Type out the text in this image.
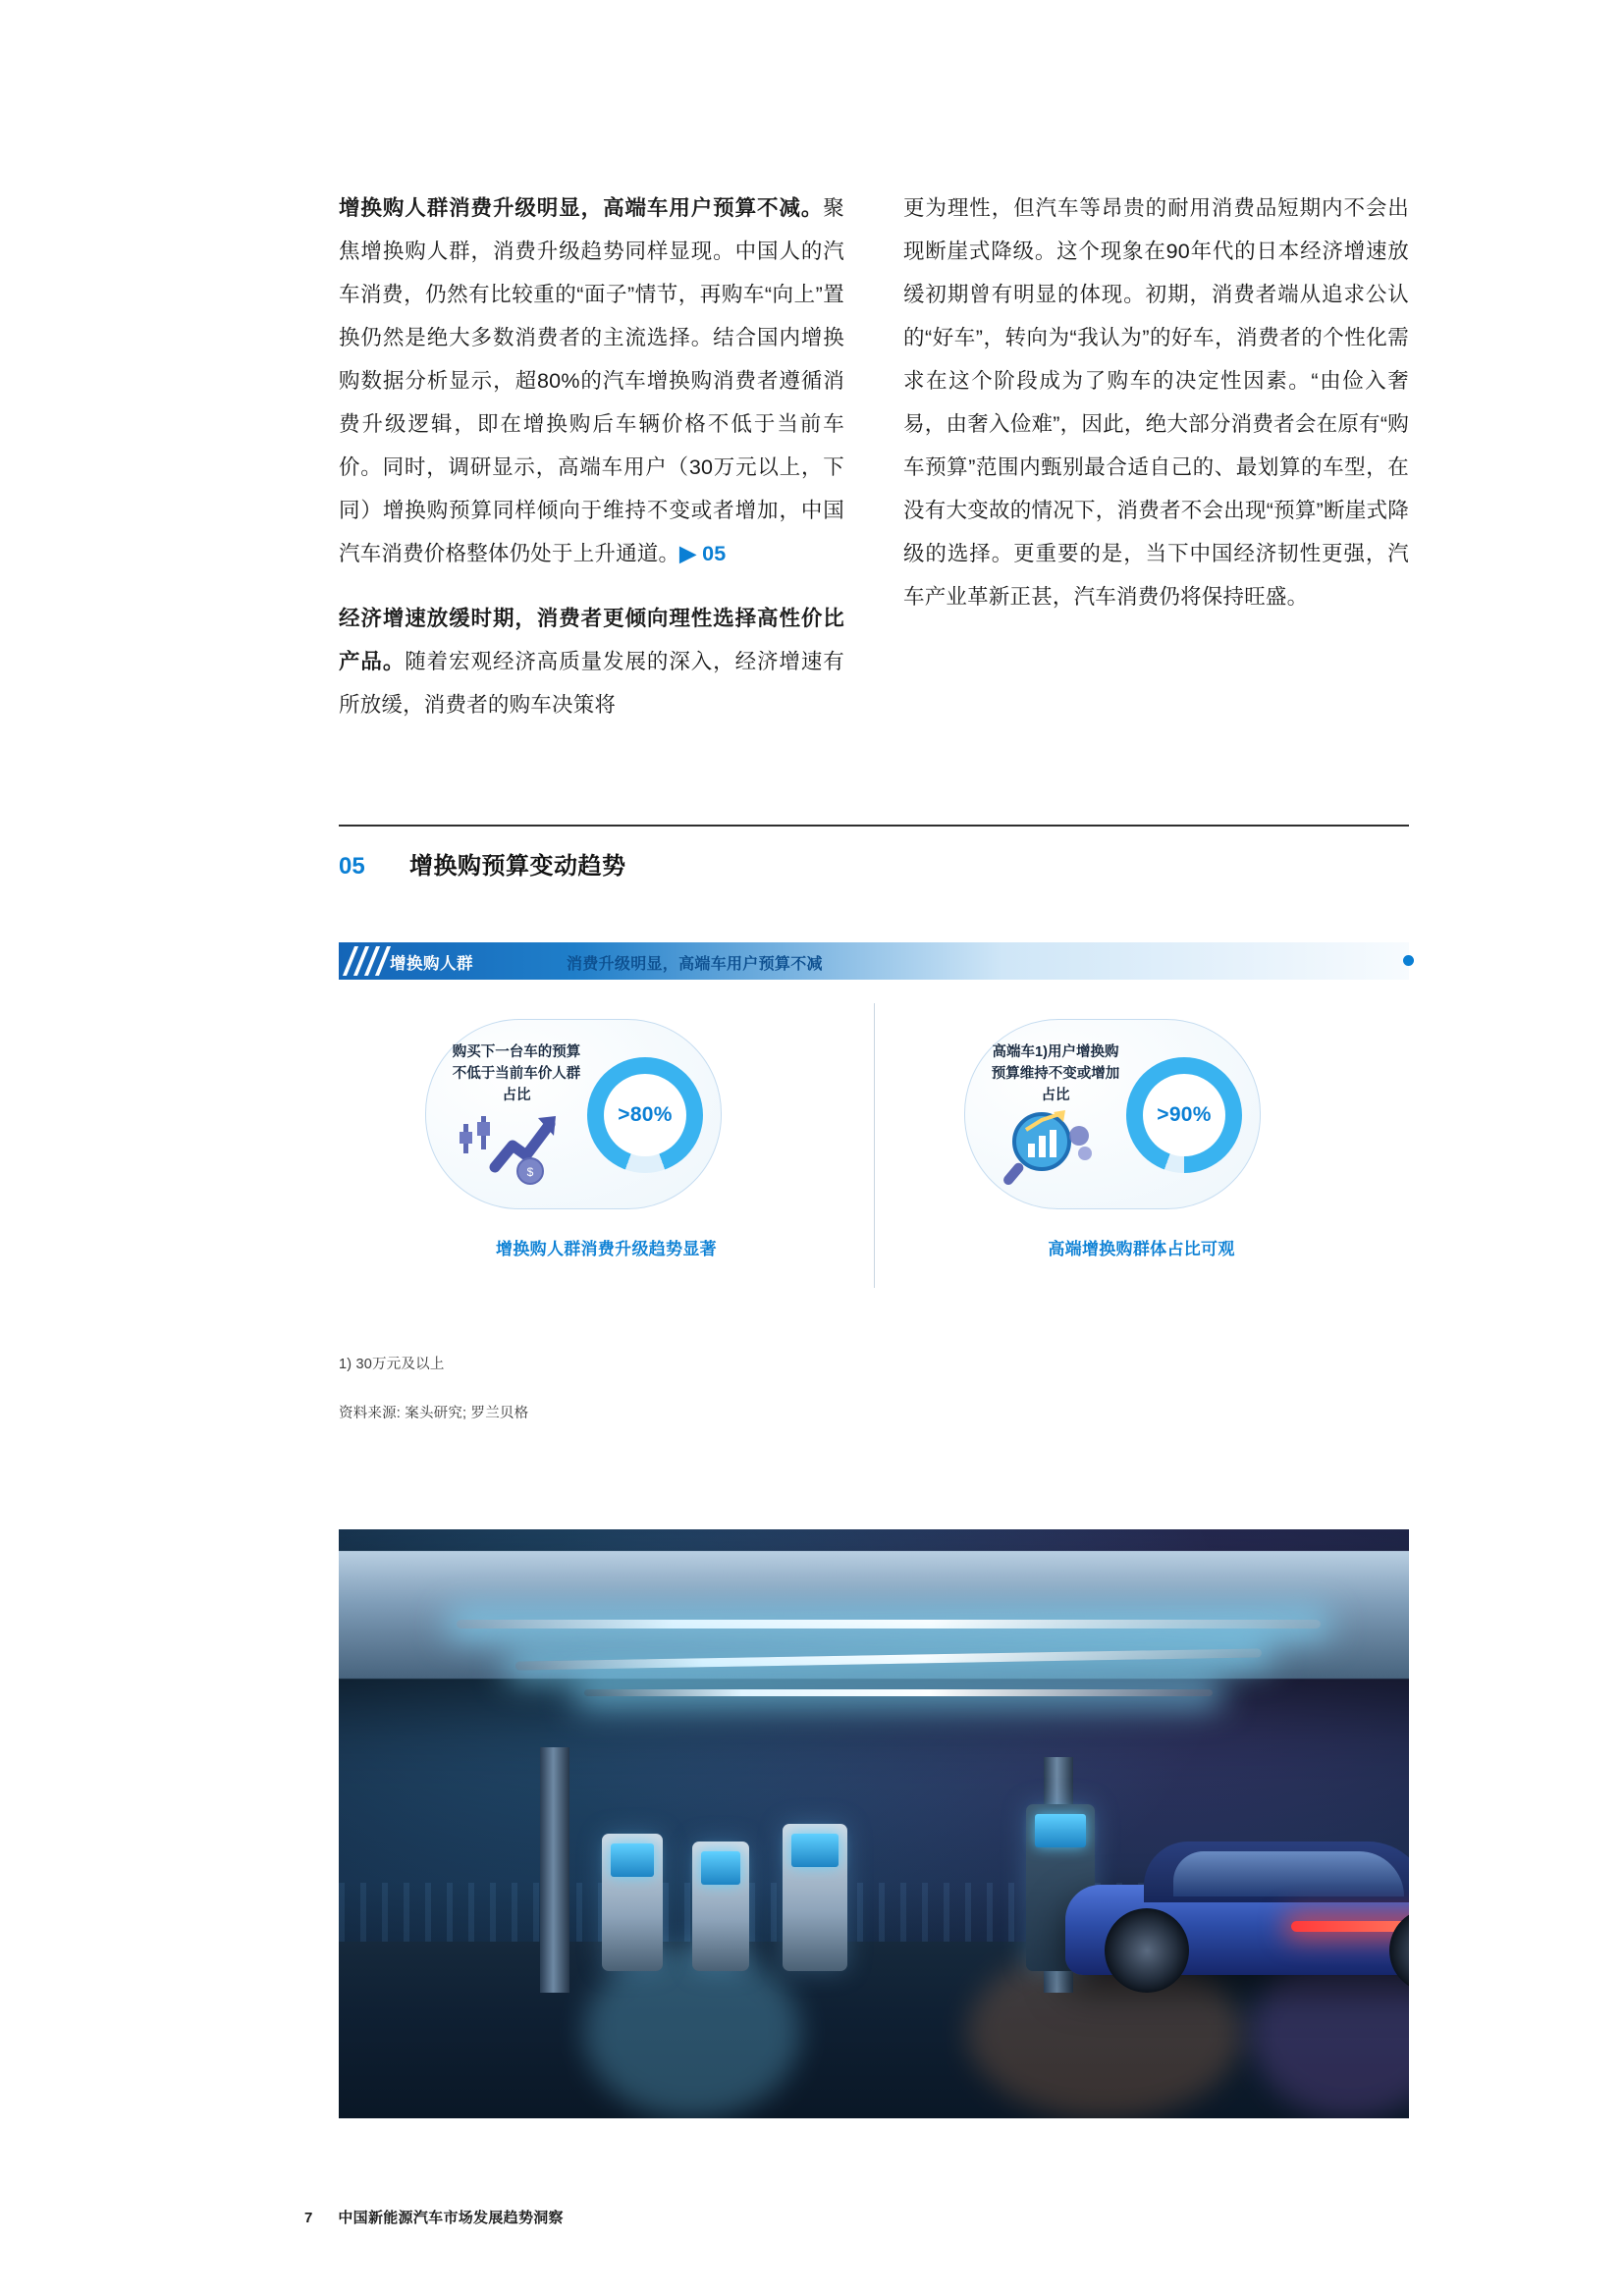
增换购人群消费升级明显，高端车用户预算不减。聚焦增换购人群，消费升级趋势同样显现。中国人的汽车消费，仍然有比较重的“面子”情节，再购车“向上”置换仍然是绝大多数消费者的主流选择。结合国内增换购数据分析显示，超80%的汽车增换购消费者遵循消费升级逻辑，即在增换购后车辆价格不低于当前车价。同时，调研显示，高端车用户（30万元以上，下同）增换购预算同样倾向于维持不变或者增加，中国汽车消费价格整体仍处于上升通道。▶ 05

经济增速放缓时期，消费者更倾向理性选择高性价比产品。随着宏观经济高质量发展的深入，经济增速有所放缓，消费者的购车决策将

更为理性，但汽车等昂贵的耐用消费品短期内不会出现断崖式降级。这个现象在90年代的日本经济增速放缓初期曾有明显的体现。初期，消费者端从追求公认的“好车”，转向为“我认为”的好车，消费者的个性化需求在这个阶段成为了购车的决定性因素。“由俭入奢易，由奢入俭难”，因此，绝大部分消费者会在原有“购车预算”范围内甄别最合适自己的、最划算的车型，在没有大变故的情况下，消费者不会出现“预算”断崖式降级的选择。更重要的是，当下中国经济韧性更强，汽车产业革新正甚，汽车消费仍将保持旺盛。

05	增换购预算变动趋势
增换购人群	消费升级明显，高端车用户预算不减
购买下一台车的预算不低于当前车价人群占比
$
>80%
增换购人群消费升级趋势显著
高端车1)用户增换购预算维持不变或增加占比
>90%
高端增换购群体占比可观
1) 30万元及以上
资料来源: 案头研究; 罗兰贝格
7 中国新能源汽车市场发展趋势洞察
